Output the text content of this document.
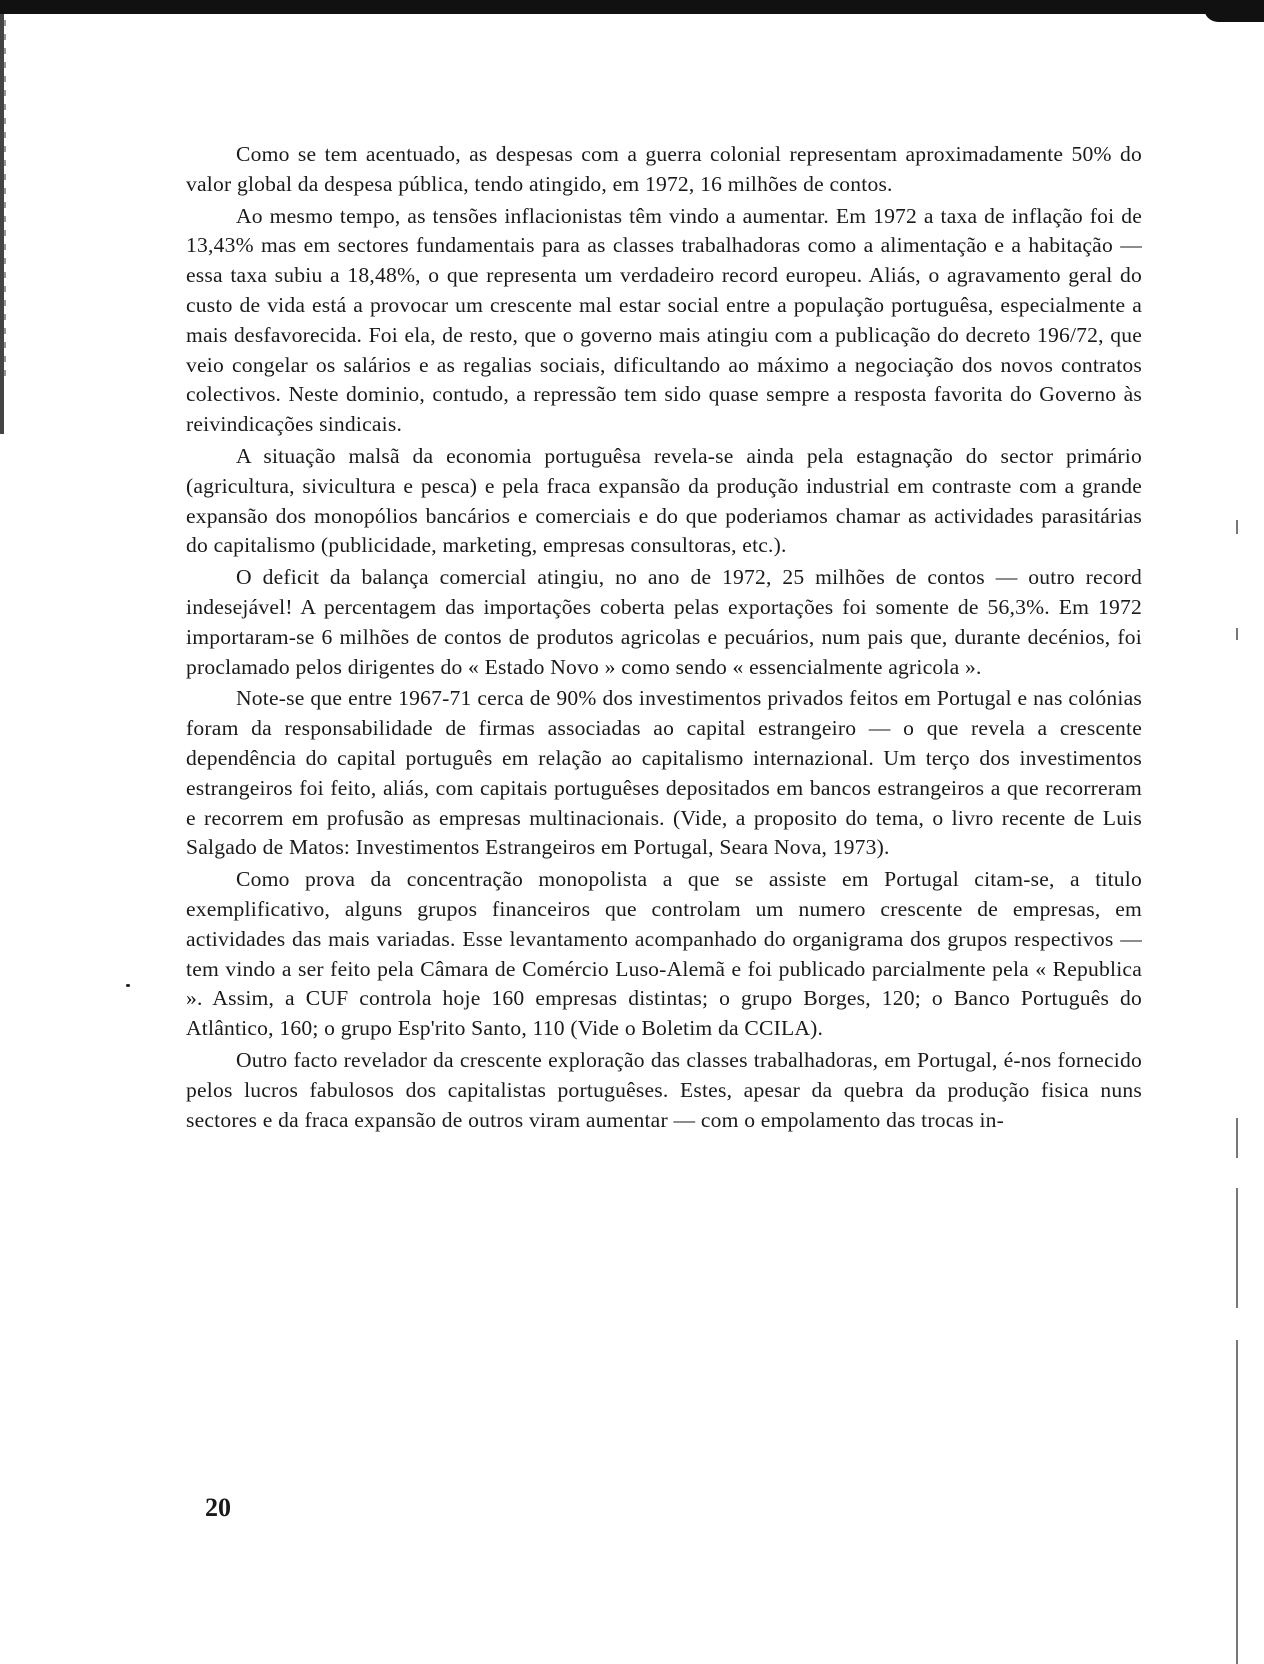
Como se tem acentuado, as despesas com a guerra colonial representam aproximadamente 50% do valor global da despesa pública, tendo atingido, em 1972, 16 milhões de contos.

Ao mesmo tempo, as tensões inflacionistas têm vindo a aumentar. Em 1972 a taxa de inflação foi de 13,43% mas em sectores fundamentais para as classes trabalhadoras como a alimentação e a habitação — essa taxa subiu a 18,48%, o que representa um verdadeiro record europeu. Aliás, o agravamento geral do custo de vida está a provocar um crescente mal estar social entre a população portuguêsa, especialmente a mais desfavorecida. Foi ela, de resto, que o governo mais atingiu com a publicação do decreto 196/72, que veio congelar os salários e as regalias sociais, dificultando ao máximo a negociação dos novos contratos colectivos. Neste dominio, contudo, a repressão tem sido quase sempre a resposta favorita do Governo às reivindicações sindicais.

A situação malsã da economia portuguêsa revela-se ainda pela estagnação do sector primário (agricultura, sivicultura e pesca) e pela fraca expansão da produção industrial em contraste com a grande expansão dos monopólios bancários e comerciais e do que poderiamos chamar as actividades parasitárias do capitalismo (publicidade, marketing, empresas consultoras, etc.).

O deficit da balança comercial atingiu, no ano de 1972, 25 milhões de contos — outro record indesejável! A percentagem das importações coberta pelas exportações foi somente de 56,3%. Em 1972 importaram-se 6 milhões de contos de produtos agricolas e pecuários, num pais que, durante decénios, foi proclamado pelos dirigentes do « Estado Novo » como sendo « essencialmente agricola ».

Note-se que entre 1967-71 cerca de 90% dos investimentos privados feitos em Portugal e nas colónias foram da responsabilidade de firmas associadas ao capital estrangeiro — o que revela a crescente dependência do capital português em relação ao capitalismo internazional. Um terço dos investimentos estrangeiros foi feito, aliás, com capitais portuguêses depositados em bancos estrangeiros a que recorreram e recorrem em profusão as empresas multinacionais. (Vide, a proposito do tema, o livro recente de Luis Salgado de Matos: Investimentos Estrangeiros em Portugal, Seara Nova, 1973).

Como prova da concentração monopolista a que se assiste em Portugal citam-se, a titulo exemplificativo, alguns grupos financeiros que controlam um numero crescente de empresas, em actividades das mais variadas. Esse levantamento acompanhado do organigrama dos grupos respectivos — tem vindo a ser feito pela Câmara de Comércio Luso-Alemã e foi publicado parcialmente pela « Republica ». Assim, a CUF controla hoje 160 empresas distintas; o grupo Borges, 120; o Banco Português do Atlântico, 160; o grupo Esp'rito Santo, 110 (Vide o Boletim da CCILA).

Outro facto revelador da crescente exploração das classes trabalhadoras, em Portugal, é-nos fornecido pelos lucros fabulosos dos capitalistas portuguêses. Estes, apesar da quebra da produção fisica nuns sectores e da fraca expansão de outros viram aumentar — com o empolamento das trocas in-

20
